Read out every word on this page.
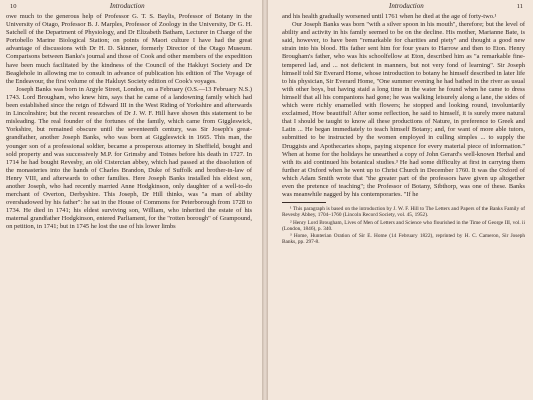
10	Introduction

owe much to the generous help of Professor G. T. S. Baylis, Professor of Botany in the University of Otago, Professor B. J. Marples, Professor of Zoology in the University, Dr G. H. Satchell of the Department of Physiology, and Dr Elizabeth Batham, Lecturer in Charge of the Portobello Marine Biological Station; on points of Maori culture I have had the great advantage of discussions with Dr H. D. Skinner, formerly Director of the Otago Museum. Comparisons between Banks's journal and those of Cook and other members of the expedition have been much facilitated by the kindness of the Council of the Hakluyt Society and Dr Beaglehole in allowing me to consult in advance of publication his edition of The Voyage of the Endeavour, the first volume of the Hakluyt Society edition of Cook's voyages.

Joseph Banks was born in Argyle Street, London, on a February (O.S.—13 February N.S.) 1743. Lord Brougham, who knew him, says that he came of a landowning family which had been established since the reign of Edward III in the West Riding of Yorkshire and afterwards in Lincolnshire; but the recent researches of Dr J. W. F. Hill have shown this statement to be misleading. The real founder of the fortunes of the family, which came from Giggleswick, Yorkshire, but remained obscure until the seventeenth century, was Sir Joseph's great-grandfather, another Joseph Banks, who was born at Giggleswick in 1665. This man, the younger son of a professional soldier, became a prosperous attorney in Sheffield, bought and sold property and was successively M.P. for Grimsby and Totnes before his death in 1727. In 1714 he had bought Revesby, an old Cistercian abbey, which had passed at the dissolution of the monasteries into the hands of Charles Brandon, Duke of Suffolk and brother-in-law of Henry VIII, and afterwards to other families. Here Joseph Banks installed his eldest son, another Joseph, who had recently married Anne Hodgkinson, only daughter of a well-to-do merchant of Overton, Derbyshire. This Joseph, Dr Hill thinks, was "a man of ability overshadowed by his father": he sat in the House of Commons for Peterborough from 1728 to 1734. He died in 1741; his eldest surviving son, William, who inherited the estate of his maternal grandfather Hodgkinson, entered Parliament, for the "rotten borough" of Grampound, on petition, in 1741; but in 1745 he lost the use of his lower limbs

Introduction	11

and his health gradually worsened until 1761 when he died at the age of forty-two.¹

Our Joseph Banks was born "with a silver spoon in his mouth", therefore; but the level of ability and activity in his family seemed to be on the decline. His mother, Marianne Bate, is said, however, to have been "remarkable for charities and piety" and thought a good new strain into his blood. His father sent him for four years to Harrow and then to Eton. Henry Brougham's father, who was his schoolfellow at Eton, described him as "a remarkable fine-tempered lad, and ... not deficient in manners, but not very fond of learning". Sir Joseph himself told Sir Everard Home, whose introduction to botany he himself described in later life to his physician, Sir Everard Home, "One summer evening he had bathed in the river as usual with other boys, but having staid a long time in the water he found when he came to dress himself that all his companions had gone; he was walking leisurely along a lane, the sides of which were richly enamelled with flowers; he stopped and looking round, involuntarily exclaimed, How beautiful! After some reflection, he said to himself, it is surely more natural that I should be taught to know all these productions of Nature, in preference to Greek and Latin ... He began immediately to teach himself Botany; and, for want of more able tutors, submitted to be instructed by the women employed in culling simples ... to supply the Druggists and Apothecaries shops, paying sixpence for every material piece of information." When at home for the holidays he unearthed a copy of John Gerard's well-known Herbal and with its aid continued his botanical studies.³ He had some difficulty at first in carrying them further at Oxford when he went up to Christ Church in December 1760. It was the Oxford of which Adam Smith wrote that "the greater part of the professors have given up altogether even the pretence of teaching"; the Professor of Botany, Sibthorp, was one of these. Banks was meanwhile nagged by his contemporaries. "If he

¹ This paragraph is based on the introduction by J. W. F. Hill to The Letters and Papers of the Banks Family of Revesby Abbey, 1704–1760 (Lincoln Record Society, vol. 45, 1952).

² Henry Lord Brougham, Lives of Men of Letters and Science who flourished in the Time of George III, vol. ii (London, 1846), p. 340.

³ Home, Hunterian Oration of Sir E. Home (14 February 1822), reprinted by H. C. Cameron, Sir Joseph Banks, pp. 297-8.
